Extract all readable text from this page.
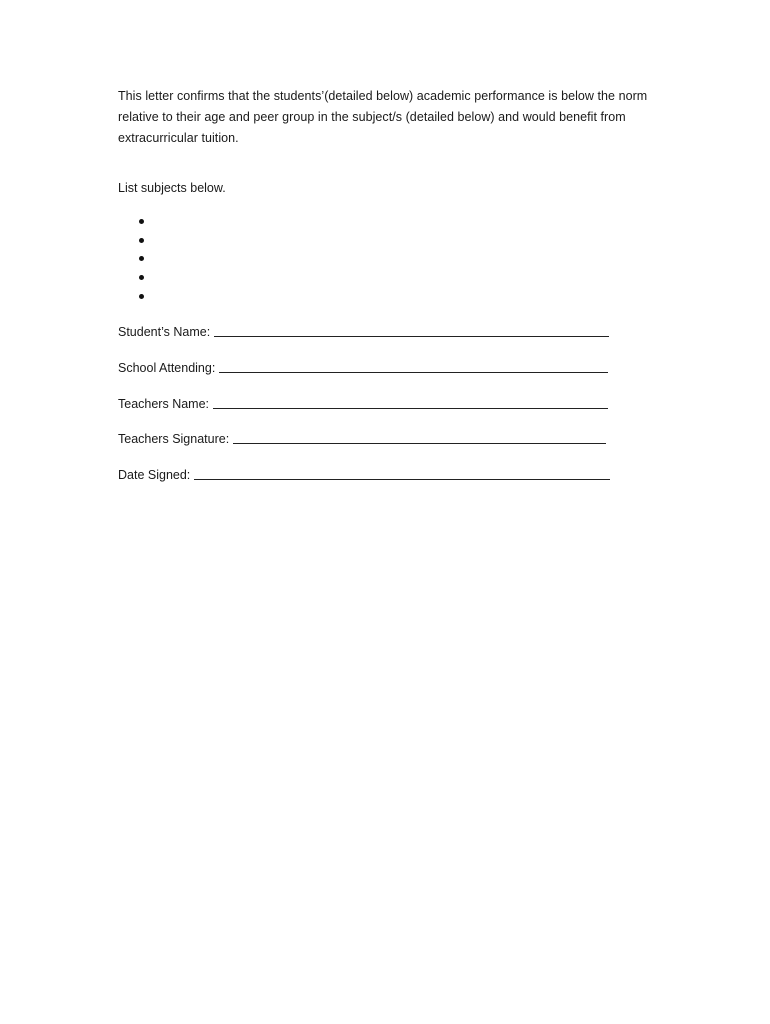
This letter confirms that the students’(detailed below) academic performance is below the norm relative to their age and peer group in the subject/s (detailed below) and would benefit from extracurricular tuition.

List subjects below.

Student’s Name:
School Attending:
Teachers Name:
Teachers Signature:
Date Signed:
